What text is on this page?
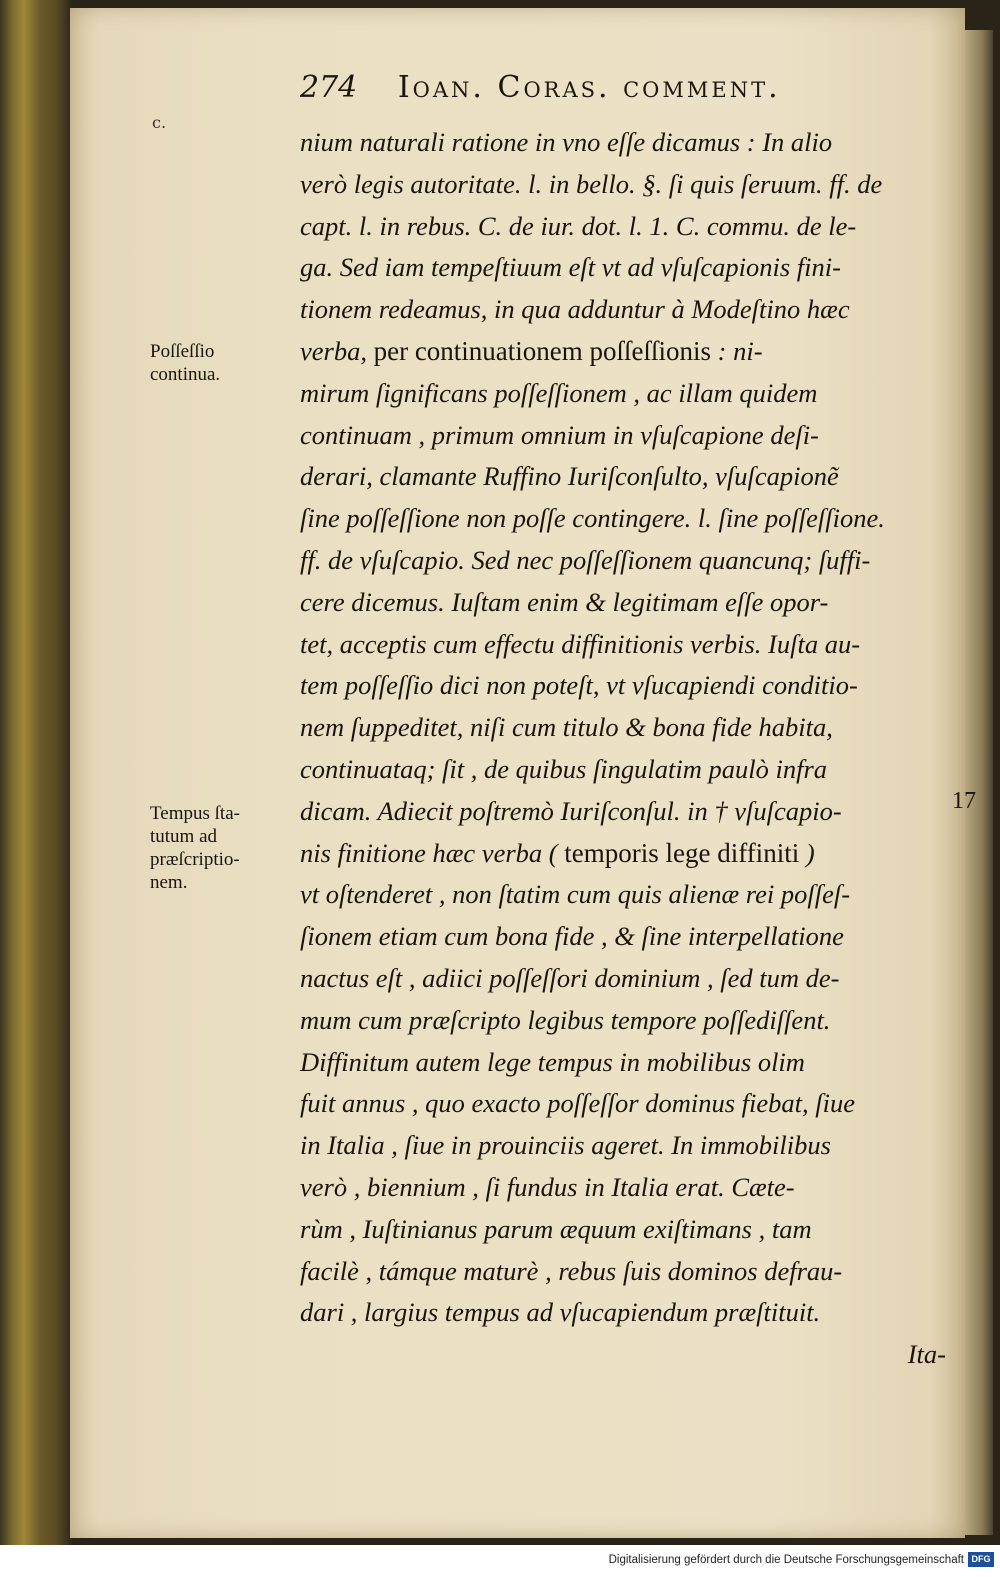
274 Ioan. Coras. comment.
c.
Poſſeſſio
continua.
Tempus ſta-
tutum ad
præſcriptio-
nem.
17
nium naturali ratione in vno eſſe dicamus : In alio
verò legis autoritate. l. in bello. §. ſi quis ſeruum. ff. de
capt. l. in rebus. C. de iur. dot. l. 1. C. commu. de le-
ga. Sed iam tempeſtiuum eſt vt ad vſuſcapionis fini-
tionem redeamus, in qua adduntur à Modeſtino hæc
verba, per continuationem poſſeſſionis : ni-
mirum ſignificans poſſeſſionem , ac illam quidem
continuam , primum omnium in vſuſcapione deſi-
derari, clamante Ruffino Iuriſconſulto, vſuſcapionẽ
ſine poſſeſſione non poſſe contingere. l. ſine poſſeſſione.
ff. de vſuſcapio. Sed nec poſſeſſionem quancunq; ſuffi-
cere dicemus. Iuſtam enim & legitimam eſſe opor-
tet, acceptis cum effectu diffinitionis verbis. Iuſta au-
tem poſſeſſio dici non poteſt, vt vſucapiendi conditio-
nem ſuppeditet, niſi cum titulo & bona fide habita,
continuataq; ſit , de quibus ſingulatim paulò infra
dicam. Adiecit poſtremò Iuriſconſul. in † vſuſcapio-
nis finitione hæc verba ( temporis lege diffiniti )
vt oſtenderet , non ſtatim cum quis alienæ rei poſſeſ-
ſionem etiam cum bona fide , & ſine interpellatione
nactus eſt , adiici poſſeſſori dominium , ſed tum de-
mum cum præſcripto legibus tempore poſſediſſent.
Diffinitum autem lege tempus in mobilibus olim
fuit annus , quo exacto poſſeſſor dominus fiebat, ſiue
in Italia , ſiue in prouinciis ageret. In immobilibus
verò , biennium , ſi fundus in Italia erat. Cæte-
rùm , Iuſtinianus parum æquum exiſtimans , tam
facilè , támque maturè , rebus ſuis dominos defrau-
dari , largius tempus ad vſucapiendum præſtituit.
Ita-
Digitalisierung gefördert durch die Deutsche Forschungsgemeinschaft DFG
